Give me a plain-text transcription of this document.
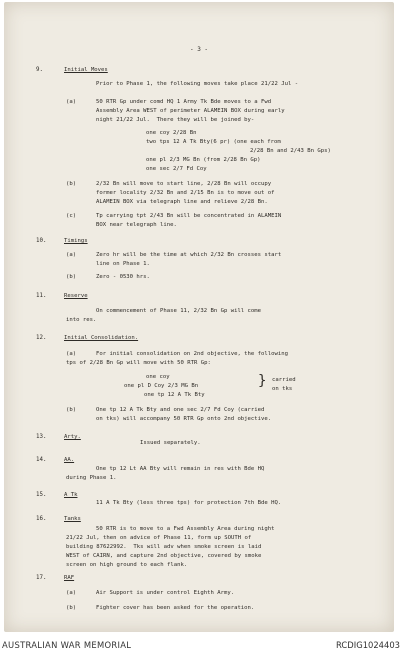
- 3 -
9.	Initial Moves
Prior to Phase 1, the following moves take place 21/22 Jul -
(a)	50 RTR Gp under comd HQ 1 Army Tk Bde moves to a Fwd
Assembly Area WEST of perimeter ALAMEIN BOX during early
night 21/22 Jul.  There they will be joined by-
one coy 2/28 Bn
two tps 12 A Tk Bty(6 pr) (one each from
2/28 Bn and 2/43 Bn Gps)
one pl 2/3 MG Bn (from 2/28 Bn Gp)
one sec 2/7 Fd Coy
(b)	2/32 Bn will move to start line, 2/28 Bn will occupy
former locality 2/32 Bn and 2/15 Bn is to move out of
ALAMEIN BOX via telegraph line and relieve 2/28 Bn.
(c)	Tp carrying tpt 2/43 Bn will be concentrated in ALAMEIN
BOX near telegraph line.
10.	Timings
(a)	Zero hr will be the time at which 2/32 Bn crosses start
line on Phase 1.
(b)	Zero - 0530 hrs.
11.	Reserve
On commencement of Phase 11, 2/32 Bn Gp will come
into res.
12.	Initial Consolidation.
(a)	For initial consolidation on 2nd objective, the following
tps of 2/28 Bn Gp will move with 50 RTR Gp:
one coy
one pl D Coy 2/3 MG Bn
one tp 12 A Tk Bty
} carried
on tks
(b)	One tp 12 A Tk Bty and one sec 2/7 Fd Coy (carried
on tks) will accompany 50 RTR Gp onto 2nd objective.
13.	Arty.
Issued separately.
14.	AA.
One tp 12 Lt AA Bty will remain in res with Bde HQ
during Phase 1.
15.	A Tk
11 A Tk Bty (less three tps) for protection 7th Bde HQ.
16.	Tanks
50 RTR is to move to a Fwd Assembly Area during night
21/22 Jul, then on advice of Phase 11, form up SOUTH of
building 87622992.  Tks will adv when smoke screen is laid
WEST of CAIRN, and capture 2nd objective, covered by smoke
screen on high ground to each flank.
17.	RAF
(a)	Air Support is under control Eighth Army.
(b)	Fighter cover has been asked for the operation.
AUSTRALIAN WAR MEMORIAL	RCDIG1024403
